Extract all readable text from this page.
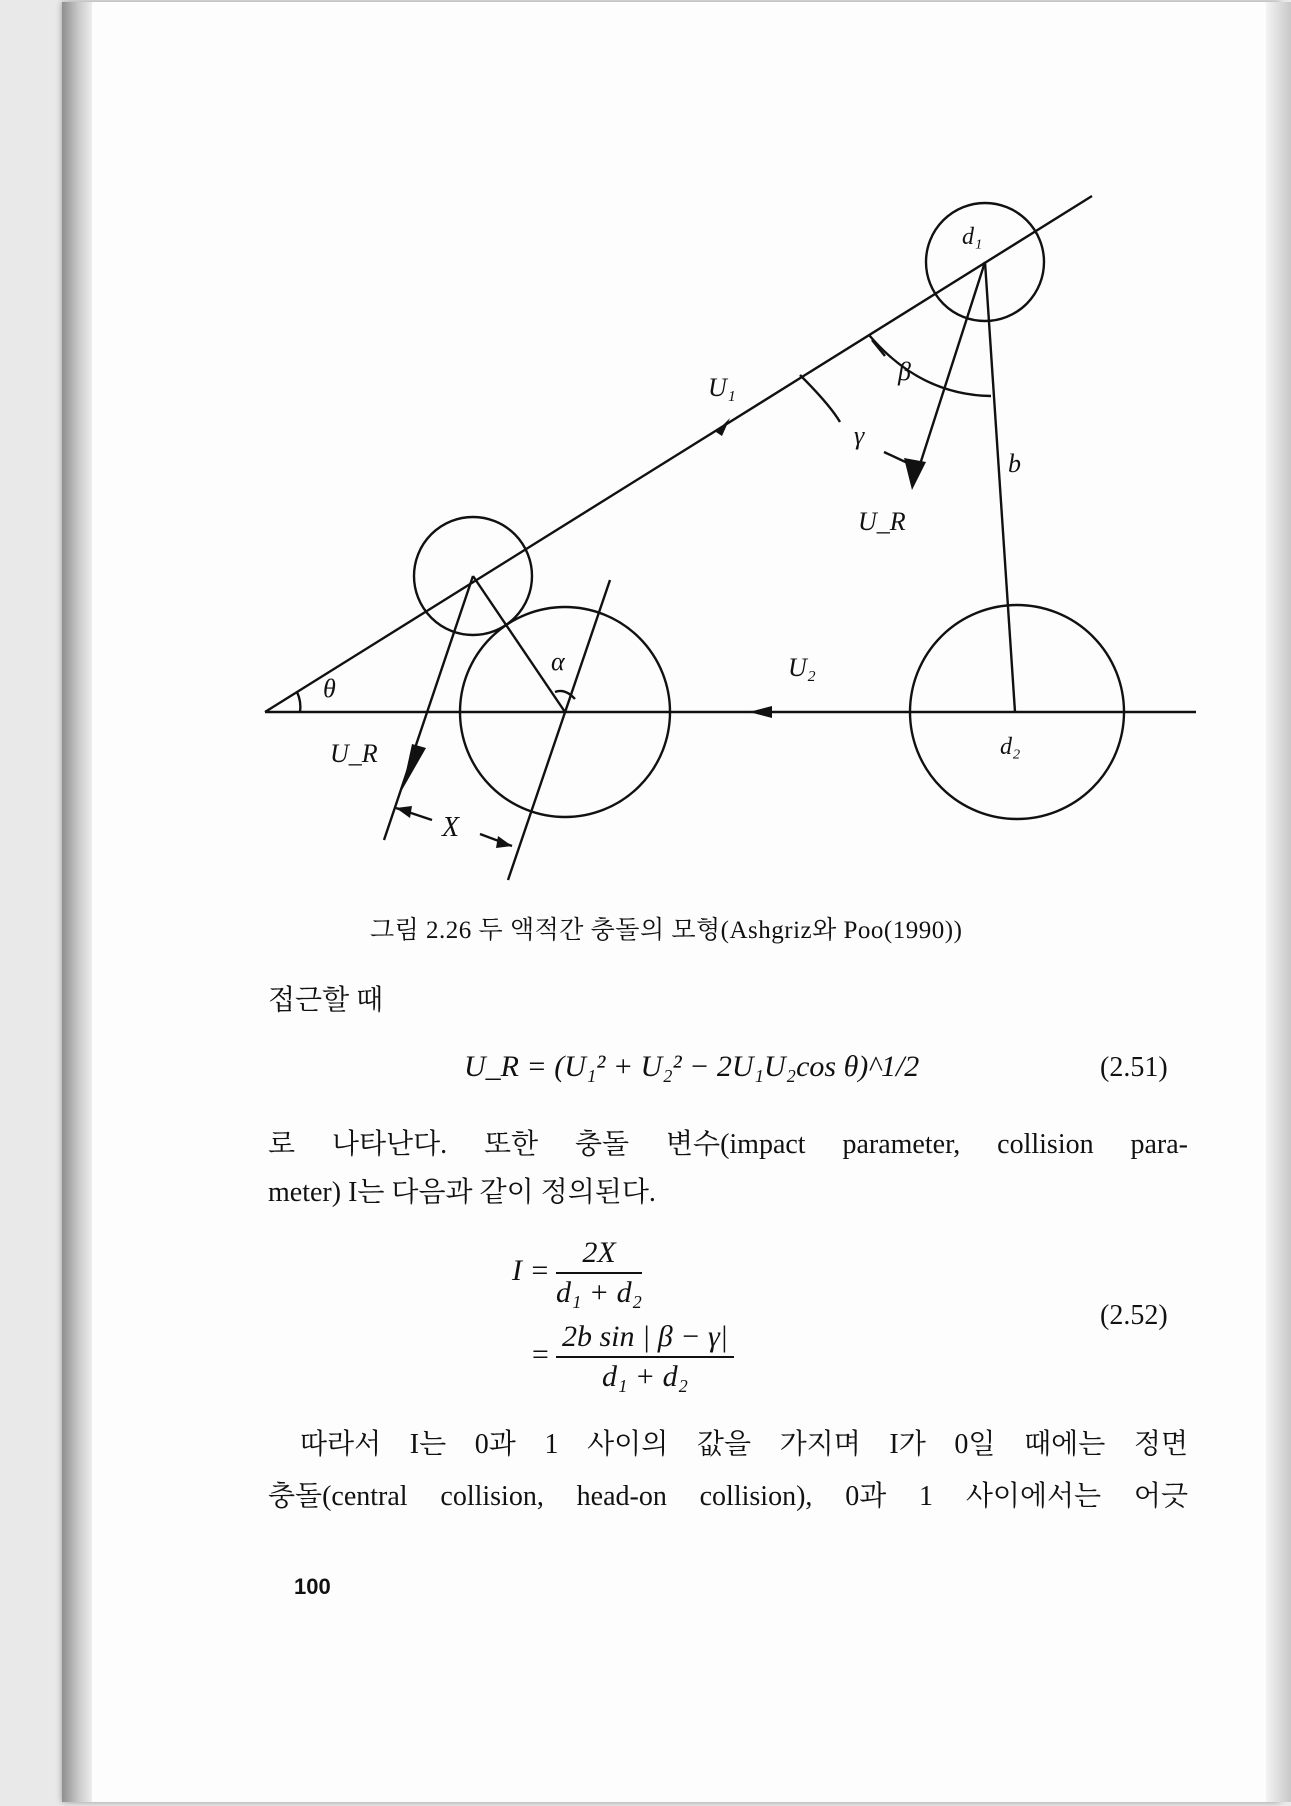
d₁
d₂
U₁
U₂
U_R
U_R
β
γ
b
α
θ
X
그림 2.26 두 액적간 충돌의 모형(Ashgriz와 Poo(1990))
접근할 때
U_R = (U₁² + U₂² − 2U₁U₂cos θ)^1/2	(2.51)
로 나타난다. 또한 충돌 변수(impact parameter, collision para-
meter) I는 다음과 같이 정의된다.
$I = \frac{2X}{\text{d₁ + d₂}}$
= $\frac{\text{2b sin | β − γ|}}{\text{d₁ + d₂}}$
(2.52)
따라서 I는 0과 1 사이의 값을 가지며 I가 0일 때에는 정면
충돌(central collision, head-on collision), 0과 1 사이에서는 어긋
100
